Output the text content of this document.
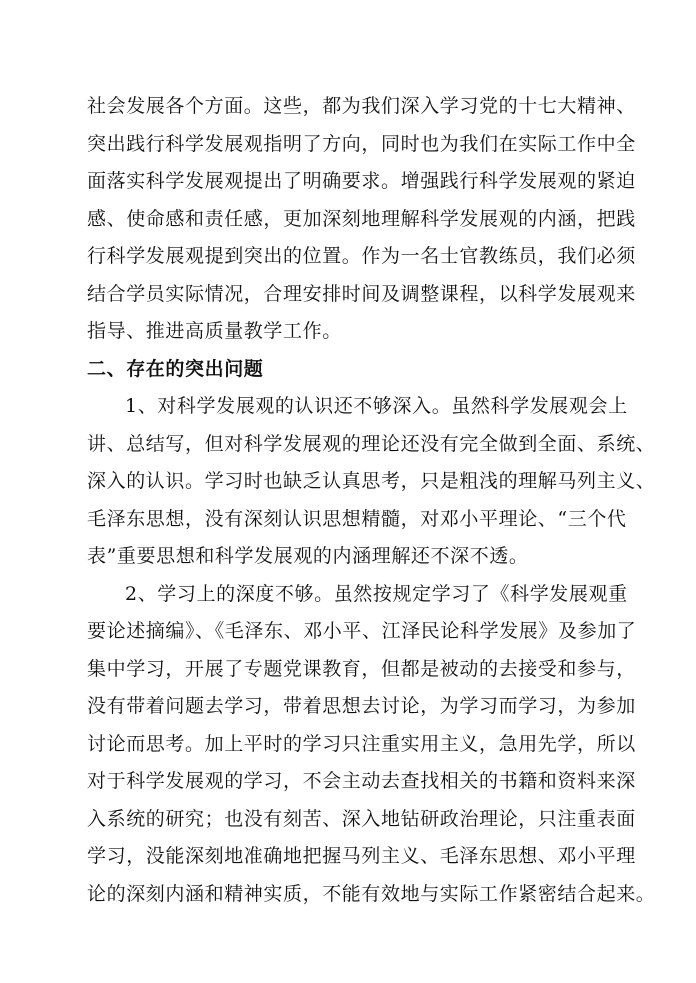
社会发展各个方面。这些，都为我们深入学习党的十七大精神、
突出践行科学发展观指明了方向，同时也为我们在实际工作中全
面落实科学发展观提出了明确要求。增强践行科学发展观的紧迫
感、使命感和责任感，更加深刻地理解科学发展观的内涵，把践
行科学发展观提到突出的位置。作为一名士官教练员，我们必须
结合学员实际情况，合理安排时间及调整课程，以科学发展观来
指导、推进高质量教学工作。
二、存在的突出问题
1、对科学发展观的认识还不够深入。虽然科学发展观会上
讲、总结写，但对科学发展观的理论还没有完全做到全面、系统、
深入的认识。学习时也缺乏认真思考，只是粗浅的理解马列主义、
毛泽东思想，没有深刻认识思想精髓，对邓小平理论、“三个代
表”重要思想和科学发展观的内涵理解还不深不透。
2、学习上的深度不够。虽然按规定学习了《科学发展观重
要论述摘编》、《毛泽东、邓小平、江泽民论科学发展》及参加了
集中学习，开展了专题党课教育，但都是被动的去接受和参与，
没有带着问题去学习，带着思想去讨论，为学习而学习，为参加
讨论而思考。加上平时的学习只注重实用主义，急用先学，所以
对于科学发展观的学习，不会主动去查找相关的书籍和资料来深
入系统的研究；也没有刻苦、深入地钻研政治理论，只注重表面
学习，没能深刻地准确地把握马列主义、毛泽东思想、邓小平理
论的深刻内涵和精神实质，不能有效地与实际工作紧密结合起来。
